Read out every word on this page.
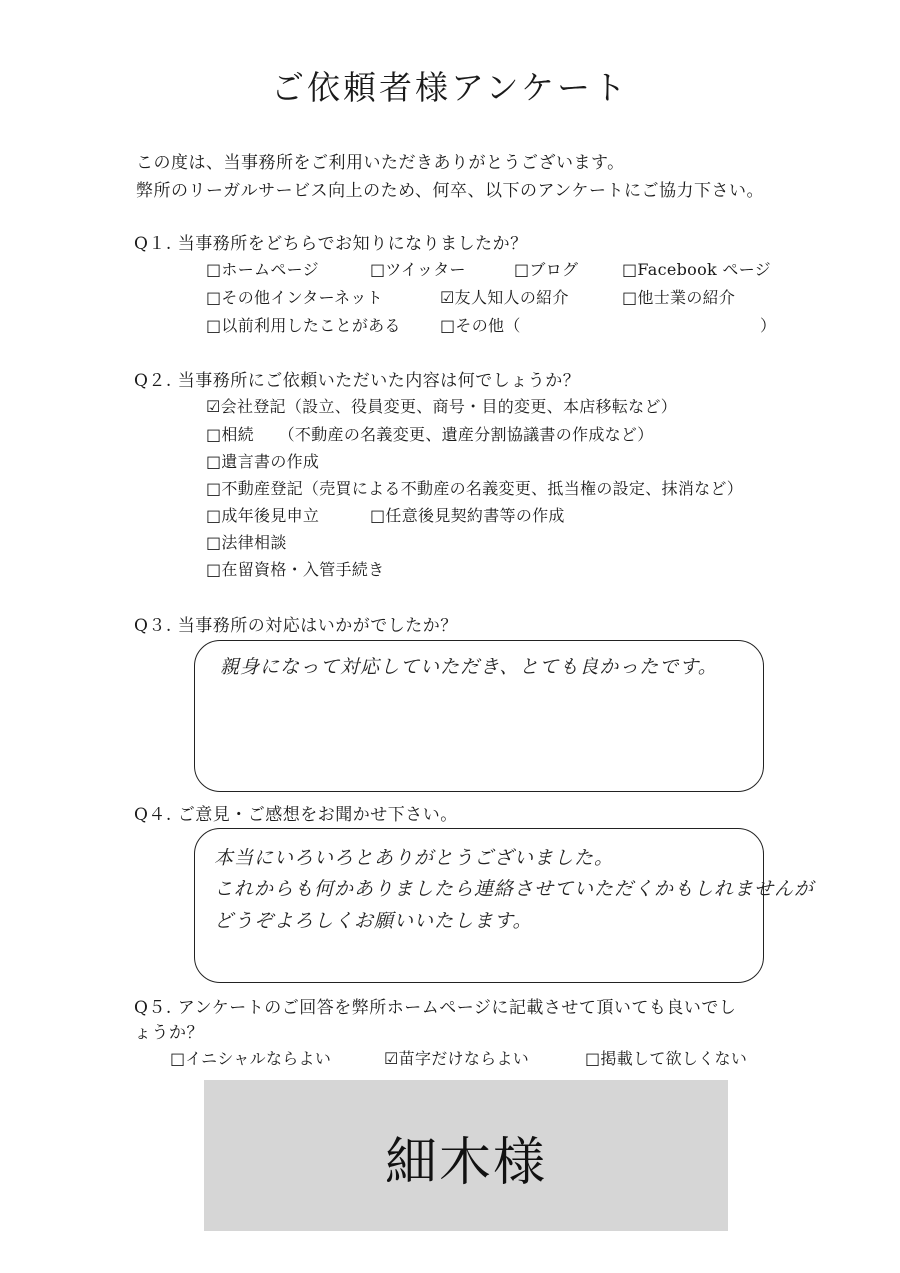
ご依頼者様アンケート
この度は、当事務所をご利用いただきありがとうございます。
弊所のリーガルサービス向上のため、何卒、以下のアンケートにご協力下さい。
Q１. 当事務所をどちらでお知りになりましたか？
□ホームページ	□ツイッター	□ブログ	□Facebook ページ
□その他インターネット	☑友人知人の紹介	□他士業の紹介
□以前利用したことがある □その他（	）
Q２. 当事務所にご依頼いただいた内容は何でしょうか？
☑会社登記（設立、役員変更、商号・目的変更、本店移転など）
□相続　　（不動産の名義変更、遺産分割協議書の作成など）
□遺言書の作成
□不動産登記（売買による不動産の名義変更、抵当権の設定、抹消など）
□成年後見申立	□任意後見契約書等の作成
□法律相談
□在留資格・入管手続き
Q３. 当事務所の対応はいかがでしたか？
親身になって対応していただき、とても良かったです。
Q４. ご意見・ご感想をお聞かせ下さい。
本当にいろいろとありがとうございました。
これからも何かありましたら連絡させていただくかもしれませんが
どうぞよろしくお願いいたします。
Q５. アンケートのご回答を弊所ホームページに記載させて頂いても良いでし
ょうか？
□イニシャルならよい	☑苗字だけならよい	□掲載して欲しくない
細木様
